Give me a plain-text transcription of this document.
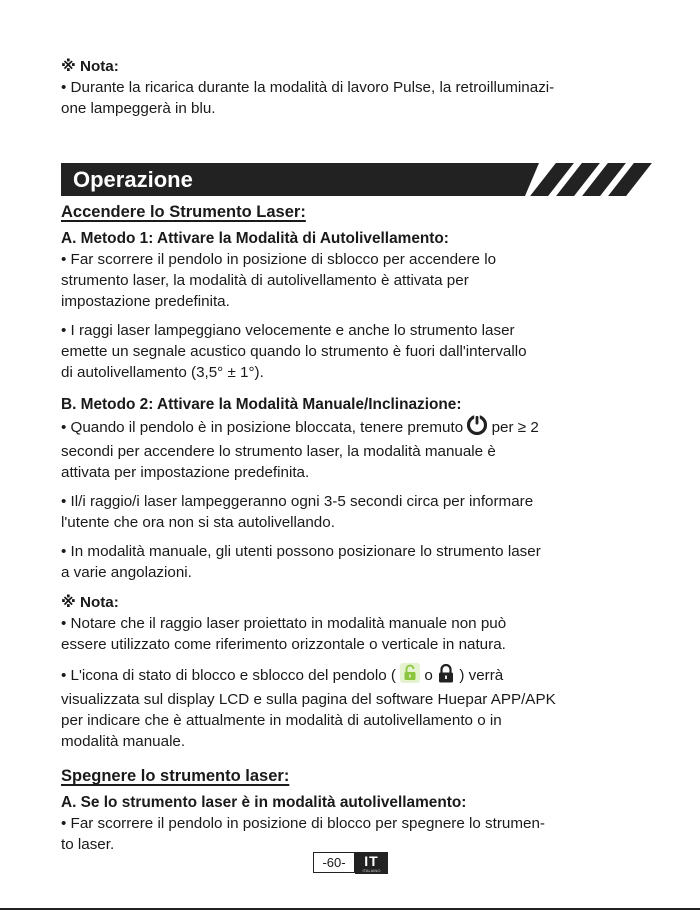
※ Nota:

• Durante la ricarica durante la modalità di lavoro Pulse, la retroilluminazi-

one lampeggerà in blu.

Operazione

Accendere lo Strumento Laser:

A. Metodo 1: Attivare la Modalità di Autolivellamento:

• Far scorrere il pendolo in posizione di sblocco per accendere lo

strumento laser, la modalità di autolivellamento è attivata per

impostazione predefinita.

• I raggi laser lampeggiano velocemente e anche lo strumento laser

emette un segnale acustico quando lo strumento è fuori dall'intervallo

di autolivellamento (3,5° ± 1°).

B. Metodo 2: Attivare la Modalità Manuale/Inclinazione:

• Quando il pendolo è in posizione bloccata, tenere premuto  per ≥ 2

secondi per accendere lo strumento laser, la modalità manuale è

attivata per impostazione predefinita.

• Il/i raggio/i laser lampeggeranno ogni 3-5 secondi circa per informare

l'utente che ora non si sta autolivellando.

• In modalità manuale, gli utenti possono posizionare lo strumento laser

a varie angolazioni.

※ Nota:

• Notare che il raggio laser proiettato in modalità manuale non può

essere utilizzato come riferimento orizzontale o verticale in natura.

• L'icona di stato di blocco e sblocco del pendolo (  o  ) verrà

visualizzata sul display LCD e sulla pagina del software Huepar APP/APK

per indicare che è attualmente in modalità di autolivellamento o in

modalità manuale.

Spegnere lo strumento laser:

A. Se lo strumento laser è in modalità autolivellamento:

• Far scorrere il pendolo in posizione di blocco per spegnere lo strumen-

to laser.

-60-	IT
ITALIANO
